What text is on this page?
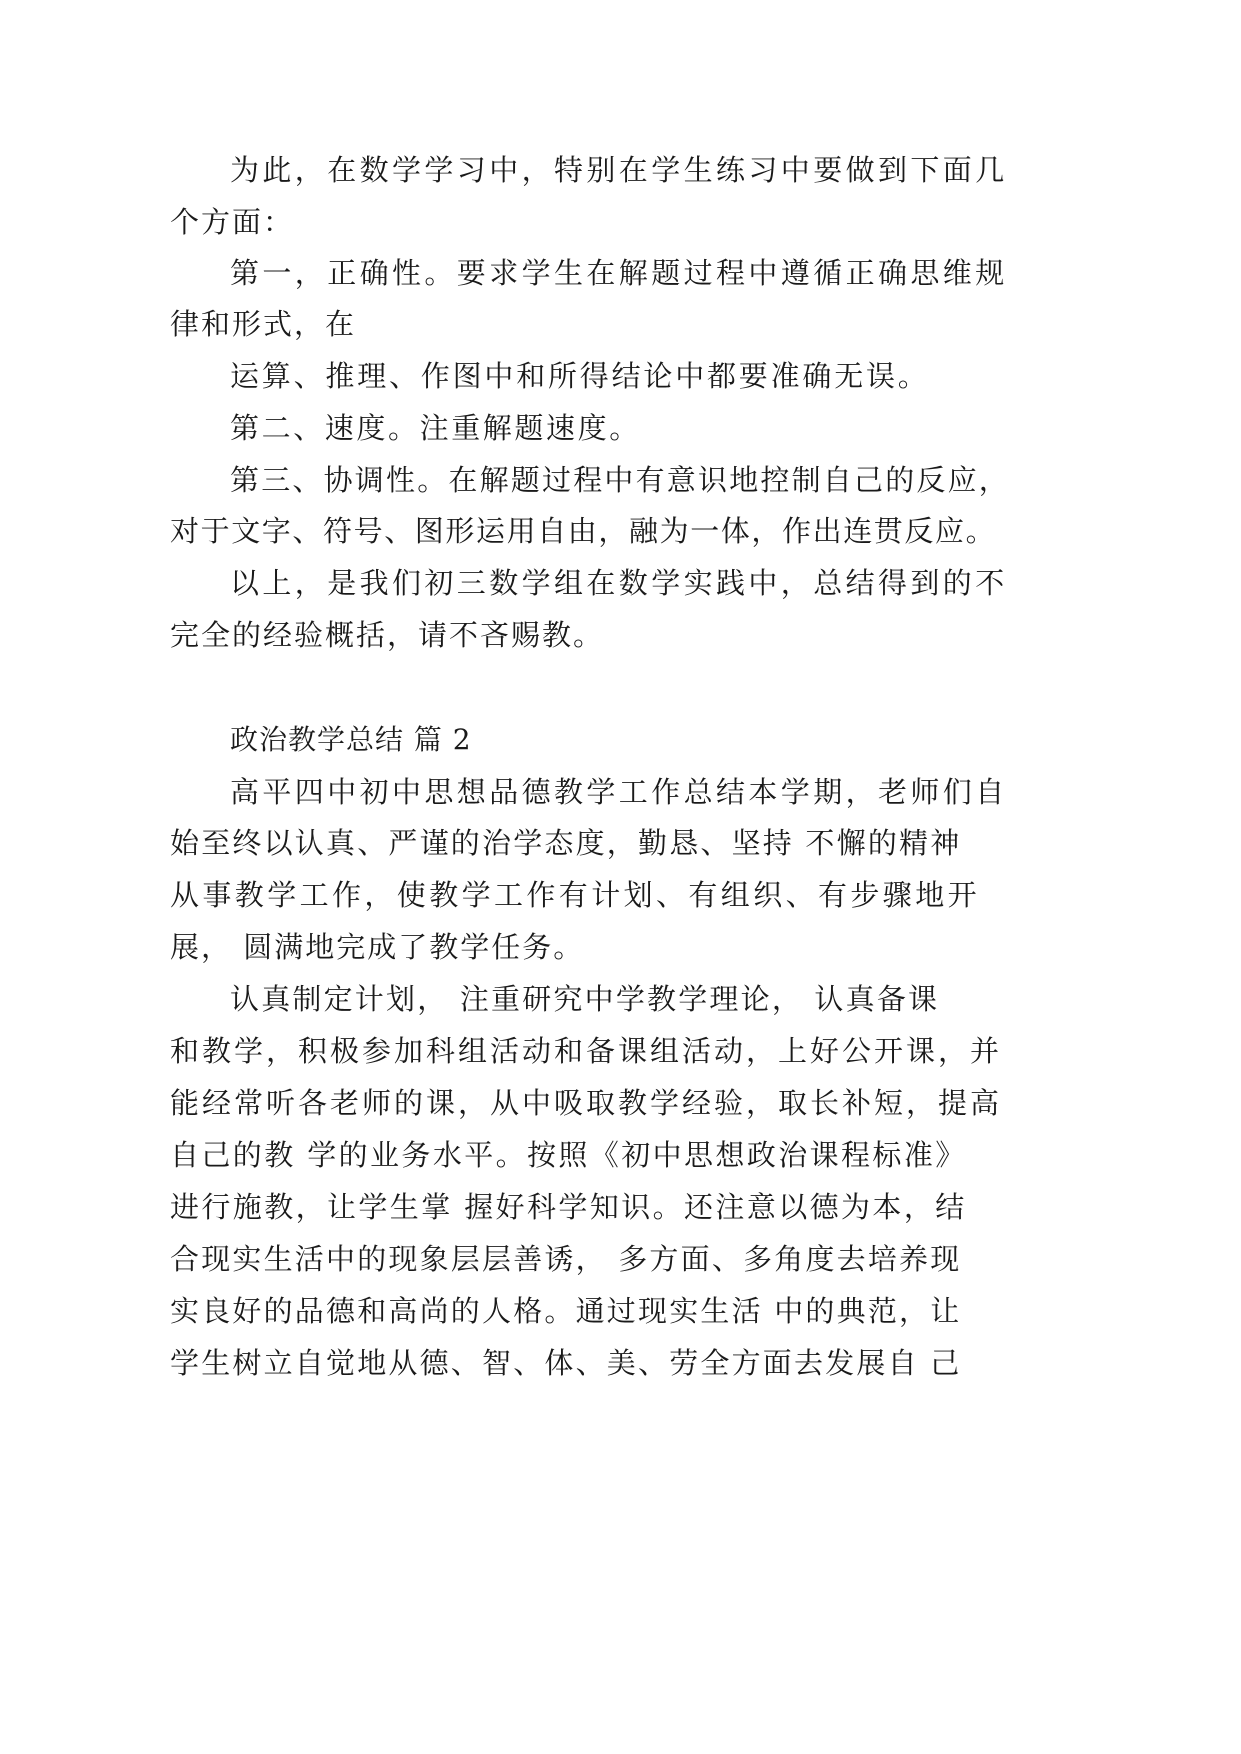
为此，在数学学习中，特别在学生练习中要做到下面几
个方面：
第一，正确性。要求学生在解题过程中遵循正确思维规
律和形式，在
运算、推理、作图中和所得结论中都要准确无误。
第二、速度。注重解题速度。
第三、协调性。在解题过程中有意识地控制自己的反应，
对于文字、符号、图形运用自由，融为一体，作出连贯反应。
以上，是我们初三数学组在数学实践中，总结得到的不
完全的经验概括，请不吝赐教。
政治教学总结 篇 2
高平四中初中思想品德教学工作总结本学期，老师们自
始至终以认真、严谨的治学态度，勤恳、坚持 不懈的精神
从事教学工作，使教学工作有计划、有组织、有步骤地开
展， 圆满地完成了教学任务。
认真制定计划， 注重研究中学教学理论， 认真备课
和教学，积极参加科组活动和备课组活动，上好公开课，并
能经常听各老师的课，从中吸取教学经验，取长补短，提高
自己的教 学的业务水平。按照《初中思想政治课程标准》
进行施教，让学生掌 握好科学知识。还注意以德为本，结
合现实生活中的现象层层善诱， 多方面、多角度去培养现
实良好的品德和高尚的人格。通过现实生活 中的典范，让
学生树立自觉地从德、智、体、美、劳全方面去发展自 己
